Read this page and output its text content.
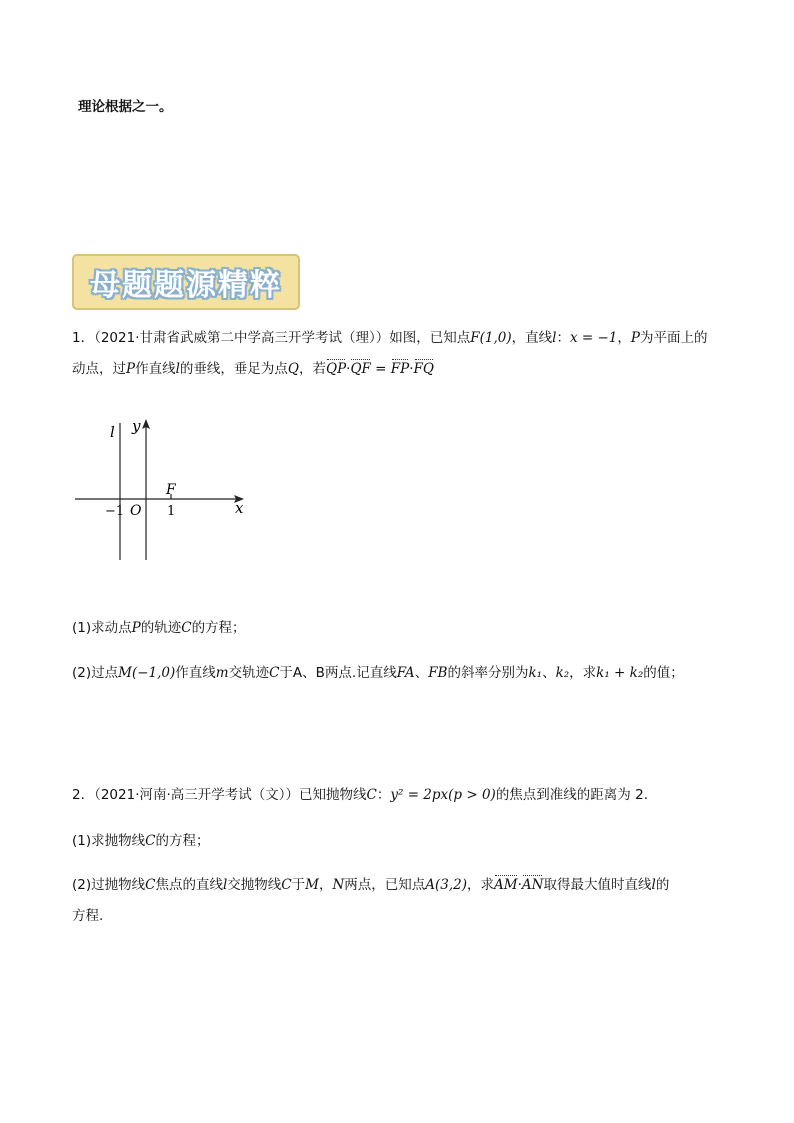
理论根据之一。
母题题源精粹
1．（2021·甘肃省武威第二中学高三开学考试（理））如图，已知点F(1,0)，直线l：x = −1，P为平面上的
动点，过P作直线l的垂线，垂足为点Q，若QP·QF = FP·FQ
l y
x
F
−1 O 1
(1)求动点P的轨迹C的方程；
(2)过点M(−1,0)作直线m交轨迹C于A、B两点.记直线FA、FB的斜率分别为k₁、k₂，求k₁ + k₂的值；
2．（2021·河南·高三开学考试（文））已知抛物线C：y² = 2px(p > 0)的焦点到准线的距离为 2.
(1)求抛物线C的方程；
(2)过抛物线C焦点的直线l交抛物线C于M，N两点，已知点A(3,2)，求AM·AN取得最大值时直线l的
方程.
